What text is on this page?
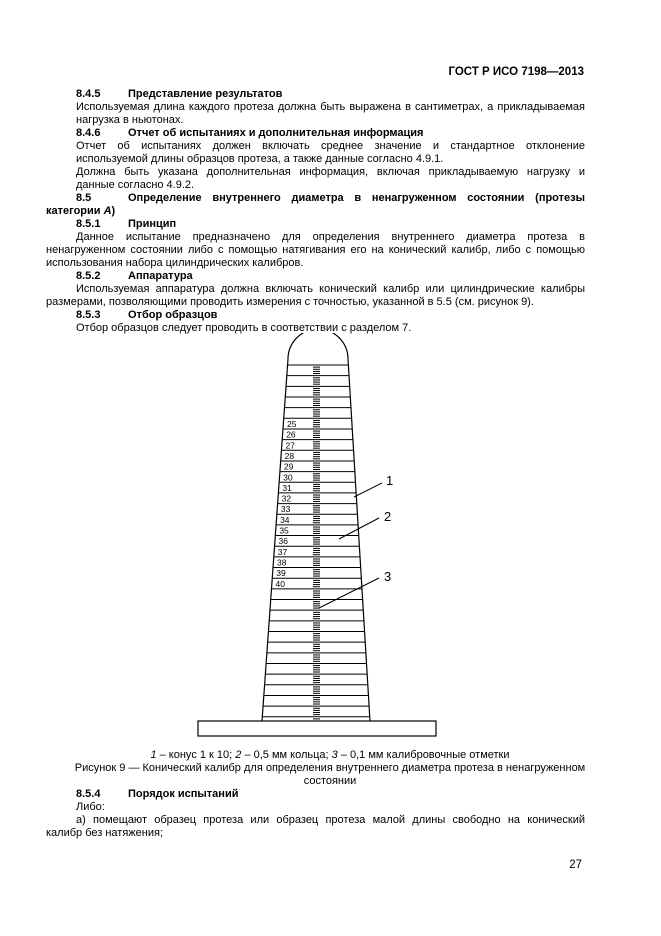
ГОСТ Р ИСО 7198—2013

8.4.5	Представление результатов

Используемая длина каждого протеза должна быть выражена в сантиметрах, а прикладываемая

нагрузка в ньютонах.

8.4.6	Отчет об испытаниях и дополнительная информация

Отчет об испытаниях должен включать среднее значение и стандартное отклонение

используемой длины образцов протеза, а также данные согласно 4.9.1.

Должна быть указана дополнительная информация, включая прикладываемую нагрузку и

данные согласно 4.9.2.

8.5	Определение внутреннего диаметра в ненагруженном состоянии (протезы

категории А)

8.5.1	Принцип

Данное испытание предназначено для определения внутреннего диаметра протеза в

ненагруженном состоянии либо с помощью натягивания его на конический калибр, либо с помощью

использования набора цилиндрических калибров.

8.5.2	Аппаратура

Используемая аппаратура должна включать конический калибр или цилиндрические калибры

размерами, позволяющими проводить измерения с точностью, указанной в 5.5 (см. рисунок 9).

8.5.3	Отбор образцов

Отбор образцов следует проводить в соответствии с разделом 7.

25
26
27
28
29
30
31
32
33
34
35
36
37
38
39
40
1
2
3

1 – конус 1 к 10; 2 – 0,5 мм кольца; 3 – 0,1 мм калибровочные отметки

Рисунок 9 — Конический калибр для определения внутреннего диаметра протеза в ненагруженном

состоянии

8.5.4	Порядок испытаний

Либо:

а) помещают образец протеза или образец протеза малой длины свободно на конический

калибр без натяжения;

27
